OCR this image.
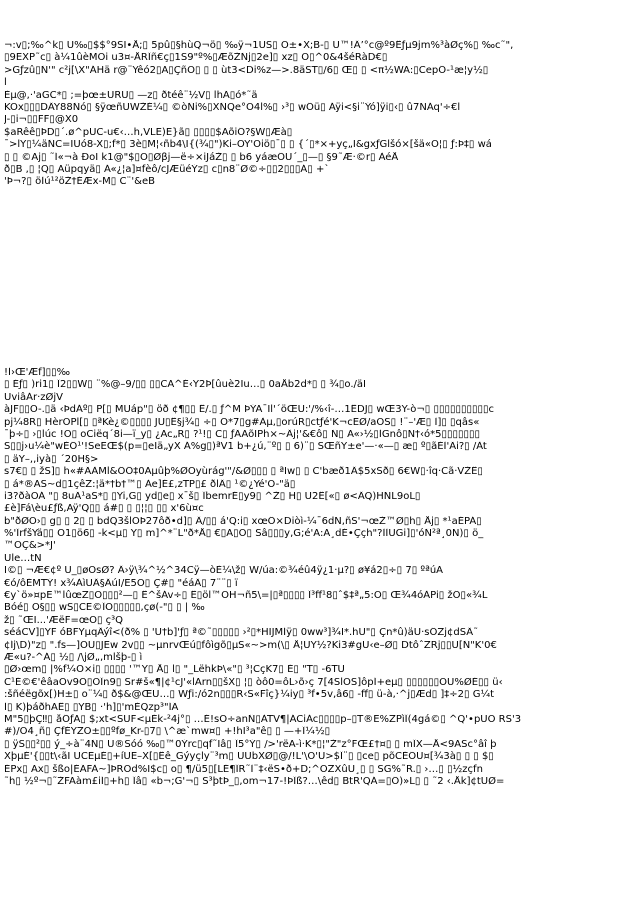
¬:v▯;‰^k▯ U‰▯$$°9SI•Å;▯ 5pû▯§hùQ¬ö▯ ‰ÿ¬1ÚS▯ Ö±•X;B-▯ Ü™!Â’°c@º9Êƒµ9jm%³àØç%▯ ‰c˜",
▯9EXP˜c▯ à¼1ûèMÓi u3¤-ÅRÎñ€ç▯1S9"º%▯ÆõŽÑj▯2e]▯ xz▯ Ö▯^0&4šéRàD€▯
>Gƒzû▯Ñ'" c²j[\X"ÁHä r@¨Ÿêó2▯A▯ÇñÓ▯ ▯ ▯ ùt3<Di%z—>.8äST▯/6▯ Œ▯ ▯ <π½WÄ:▯CepÕ-¹æ¦y½▯
l
Èµ@,·'aGC*▯ ;=þœ±ÙRÜ▯ —z▯ ðtéê¨½V▯ lhÃ▯ó*˜ä
KÒx▯▯▯DÂŸ88Ñó▯ §ÿœñÙWŽÉ¼▯ ©òÑi%▯XÑQe°Ó4l%▯ ›³▯ wÕü▯ Áÿi<§i¨Ýó]ÿi▯‹▯ û7NÁq'÷€l
J-▯i¬▯▯FF▯@X0
$aRêê▯ÞD▯´.ø^pÚC-u€‹…h,VLE)E}ã▯ ▯▯▯▯$AõiÕ?§W▯Æà▯
¯>lY▯¼äÑC=ÏÜó8-X▯;f*▯ 3è▯M¦‹ñb4\I{(¾▯")Ki–ÓY'Òiö▯¯▯ ▯ {´▯*×+yç„Ï&gxƒGlšó×[šä«O¦▯ ƒ:Þ‡▯ wá
▯ ▯ ©Aj▯ ˜Í«¬à ÐoI k1@"$▯Ò▯Øβj—ë÷×iJáŽ▯ ▯ b6 yáæÕÙ´_▯—▯ §9˜Æ·©r▯ ÀéÅ
ð▯B ,▯ ¦Q▯ Äüpqyä▯ Á«¿¦a]¤fèô/cJÆüéÝz▯ c▯n8¨Ø©÷▯▯2▯▯▯Á▯ +`
'Þ¬?▯ öÌú¹²öŽ†ÉÆx-M▯ C¨'&eB
!Ì›Œ'Æf]▯▯‰
▯ Éƒ▯ )ri1▯ Î2▯▯W▯ ¨%@–9/▯▯ ▯▯CA^É‹Ÿ2Þ[ûuè2Ïu…▯ 0aÅb2d*▯ ▯ ¾▯o./äI
ÙviâÁr·zØjV
àJF▯▯Ô-.▯ä ‹ÞdÁº▯ P[▯ MUáp"▯ öð ¢¶▯▯ Ê/.▯ ƒ^M ÞÝA¯Il'´öŒÚ:'/%‹î-…1ÊDJ▯ wŒ3Ÿ-ò¬▯ ▯▯▯▯▯▯▯▯▯▯c
pj¼8R▯ HèrOPl[▯ ▯ªKè¿©▯▯▯▯ JÛ▯Ê§j¾▯ ÷▯ O*7▯g#Àµ,▯orúR▯ctƒé'K¬cEØ/aÒS▯ !¨–'Æ▯ Ì]▯ ▯qâs«
¯þ÷▯ ›▯lúc !O▯ oCiëq´8i—ï_y▯ ¿Äc„R▯ ?¹!▯ C▯ ƒÃÄõIPh×~Âj¦'&€ô▯ Ñ▯ Ä«›½▯ÌGnô▯N†‹ó*5▯▯▯▯▯▯▯
Š▯▯j›u¼è"wÈÕ¹'!SeEŒ$(p=▯eÏä„yX Á%g▯)ªV1 b+¿ú,¨º▯ ▯ 6)¨▯ SŒñY±e'—·«—▯ æ▯ º▯ãÉÌ'Ãi?▯ /Àt
▯ äŸ–,,iyà▯ ´20H§>
s7€▯ ▯ žS]▯ h«#ÃÀMl&ÕÕ‡0Äµûþ%ØOyùrág'"/&Ø▯▯▯ ▯ ªIw▯ ▯ C'bæð1Â$5xŠð▯ 6€W▯·îq·Cã·VŽÊ▯
▯ á*®ÄŠ~d▯1çêZ:¦ä*†b†™▯ Àe]É£,zTP▯£ ðlÂ▯ ¹©¿Yé'Ö-"ä▯
i3?ðàÒÁ "▯ 8uÃ¹aŠ*▯ ▯Ÿi,G▯ yd▯e▯ x¯š▯ ÎbemrÉ▯y9▯ ^Ž▯ H▯ U2Ê[«▯ ø<ÂQ)HNL9oL▯
£è]Fá\èu£ƒß,Aÿ'Q▯▯ á#▯ ▯ ▯¦¦▯ ▯▯ x'6ù¤c
b"ðØÒ›▯ g▯ ▯ 2▯ ▯ bdQ3šlÒÞ27ôð•d]▯ Â/▯▯ á'Q:i▯ xœÕ×Diòì-¼¯6dN,ñS'¬œŽ™Ø▯h▯ Åj▯ *¹aÉPÁ▯
%'ÎrfšŸä▯▯ Ò1▯ö6▯ -k<µ▯ Y▯ m]^*¨L"ð*Å▯ €▯A▯Ó▯ Sâ▯▯▯y,G;é'A:Ä¸dÉ•Ççh"?ÌÌÚGi]▯'óÑ²ª¸0N)▯ ö_
™ÒÇ&>*J'
Üle…tN
Ï©▯ ¬Æ€¢º U_▯øÓsØ? Â›ÿ\¾^½^34Cÿ—òÈ¼\ž▯ W/úa:©¾éû4ÿ¿1·µ?▯ ø¥á2▯÷▯ 7▯ ºªúÄ
€ó/ôÉMTÝ! x¾ÀìÛÂ§ÂúI/E5Ö▯ Ç#▯ "éáÂ▯ 7¨¨▯ ï
€y`ö»¤pE™lûœZ▯Ö▯▯▯²—▯ Ê^šÁv÷▯ Ê▯öl™ÒH¬ñ5\=|▯ª▯▯▯▯ Î³ff¹8▯ˆ$‡ª„5:Ö▯ Œ¾4óÀPi▯ žÕ▯«¾L
Bóé▯ Ô§▯▯ wS▯CE©ÎÔ▯▯▯▯▯,çø(-"▯ ▯ | ‰
ž▯ ˜ŒI...'ÆëF=œO▯ ç³Q
séáCV]▯YF óBFŸµqÂýî<(ð% ▯ 'Ù†b]'ƒ▯ ª©˜▯▯▯▯▯ ›²▯*HÏJMÍÿ▯ 0ww³]¾I*.hÙ"▯ Çn*û)äÚ·sÕZj¢dŠÂ˜
¢Íj\D)"z▯ ".fs—]ÒU▯JEw 2v▯▯ ~µnrvŒú▯fôìgõ▯µS«~>m(\▯ Å¦ÙY½?Ki3#gÙ‹e–Ø▯ DtôˆZRj▯▯Ü[Ñ"K'0€
Æ«u?-^Á▯ ½▯ /\jØ„,mlšþ-▯ ì
▯Ø›œm▯ |%f¼O×i▯ ▯▯▯▯ '™Ÿ▯ Å▯ l▯ "_LëhkÞ\«"▯ ³¦CçK7▯ É▯ "T▯ -6TÙ
C¹É©€'êâaÓv9Ó▯ÒÎn9▯ Sr#š«¶|¢¹cJ'«lArn▯▯šX▯ ¦▯ òô0=ôL›õ›ç 7[4SlÖS]ôpÍ+eµ▯ ▯▯▯▯▯▯ÔÚ%ØÉ▯▯ ü‹
:šñéëgõx[)H±▯ o¨¼▯ ð$&@ŒÜ…▯ Wƒi:/ó2n▯▯▯R‹Š«Fîç}¼iy▯ ³f•5v,â6▯ -ff▯ ü-à,·^j▯Æd▯ ]‡÷2▯ G¼t
Ì▯ K)þáðhÄÊ▯ ▯ŸB▯ ·'h]▯'mÈQzp³"ÍÃ
M"5▯þÇ‼▯ åÕƒÄ▯ $;xt<SÜF<µÉk-²4j°▯ …É!sÖ÷anÑ▯ÀTV¶|ÁCiÁc▯▯▯▯p–▯T®E%ZPìÎ(4gá©▯ ^Q'•pÙÓ RŠ'3
#)/Ò4¸ñ▯ ÇfÉŸZÖ±▯▯ºfø_Kr-▯7▯ \^æ`mw¤▯ +!hÏ³a"ê▯ ▯ —+Î¼½▯
▯ ÿŠ▯▯²▯▯ ý_÷à¨4Ñ▯ Ü®Šóó ‰▯™0Ýrc▯qf˜Ïâ▯ Î5°Ý▯ />'rëÄ-ì·K*▯¦"Ž"z°FŒ£†¤▯ ▯ mÎX—Å<9ÄŠc°âî þ
XþµÉ'{▯▯t\‹ãÏ ÙCEµÉ▯+íÜE–X[▯Êê_Gýyçly¨³m▯ ÙÙbXØ▯@/!L'\O'Ú>$Î¨▯ ▯ce▯ põCÉÕÙ¤[¾3à▯ ▯ ▯ $▯
ÉPx▯ Äx▯ šßo|ÉÃFÀ~]ÞROd%I$c▯ o▯ ¶/ü5▯[LÉ¶ÎR˜Ì¨‡‹ëS•ð+D;^ÒZXûÜ¸▯ ▯ SG%˜R.▯ ›…▯ ▯½zçfn
˜h▯ ½º¬▯˜ŽFAàm£iÍ▯+h▯ Îâ▯ «b¬;G'¬▯ Š³þtÞ_▯,om¬17-!ÞÎß?…\êd▯ BtR'QÁ=▯Õ)»L▯ ▯ ˜2 ‹.Åk]¢tÙØ=
